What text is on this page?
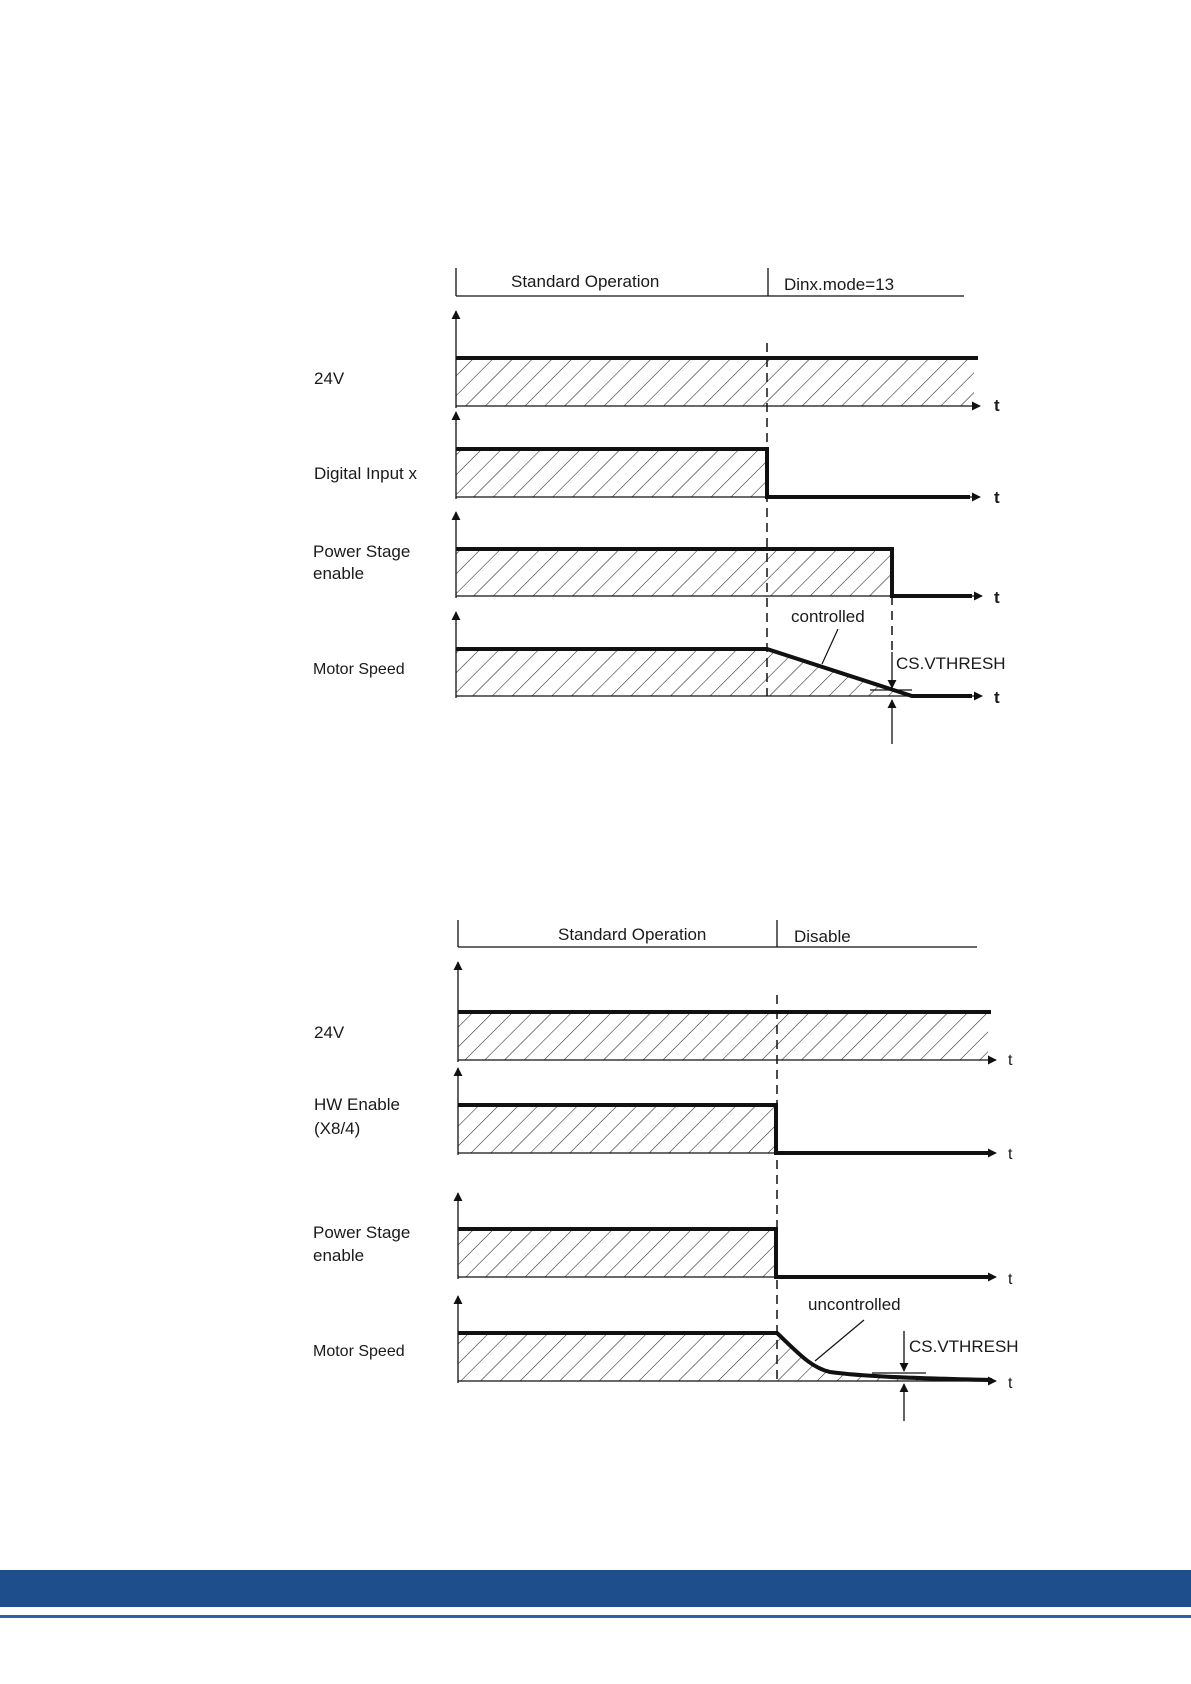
Standard Operation	Dinx.mode=13
24V
t
Digital Input x
t
Power Stage
enable
t
Motor Speed
controlled
CS.VTHRESH
t
Standard Operation	Disable
24V
t
HW Enable
(X8/4)
t
Power Stage
enable
t
Motor Speed
uncontrolled
CS.VTHRESH
t
